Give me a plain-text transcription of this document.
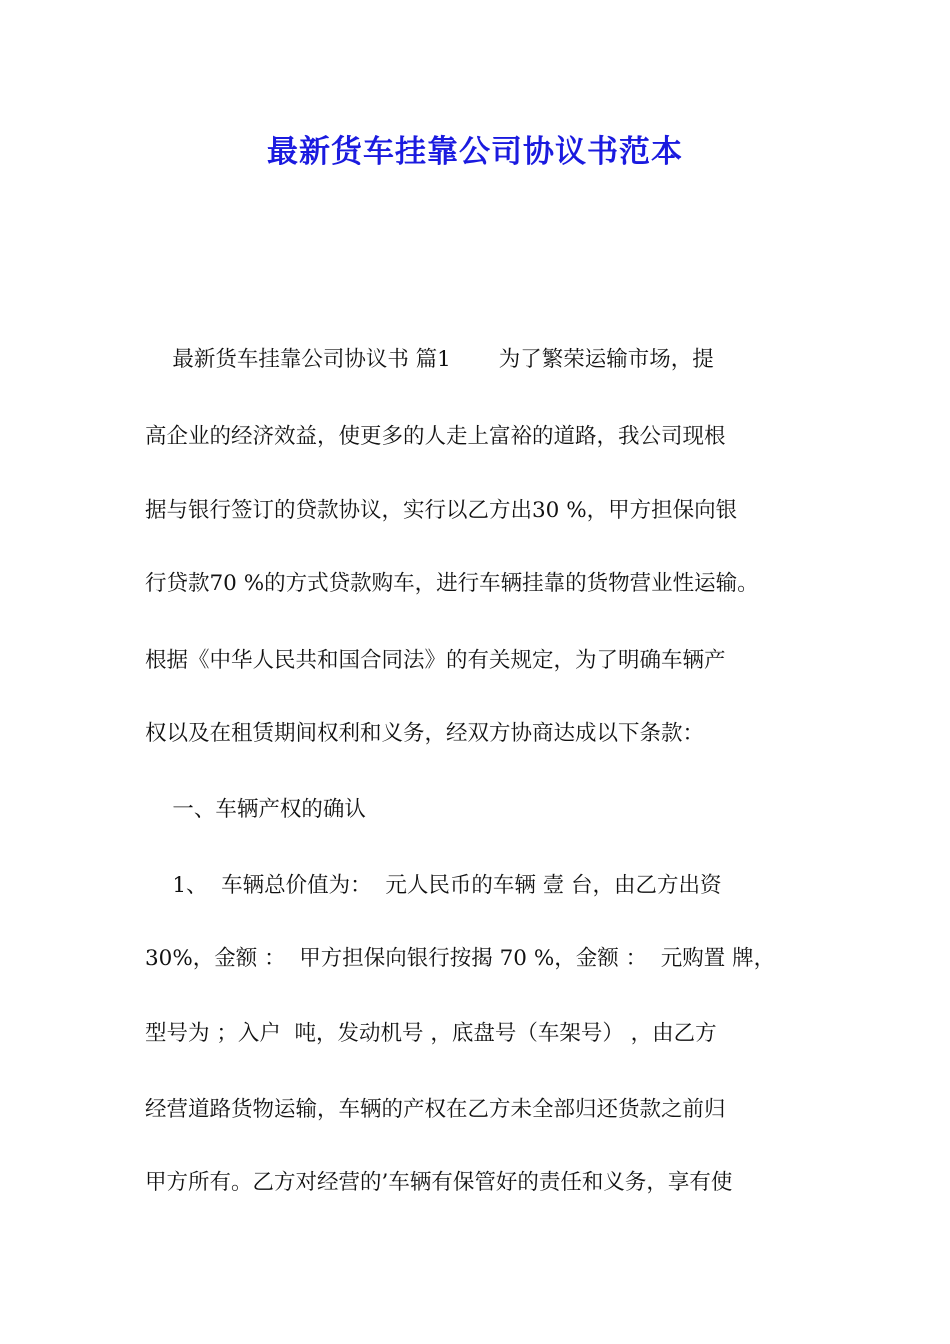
最新货车挂靠公司协议书范本

最新货车挂靠公司协议书 篇1       为了繁荣运输市场，提

高企业的经济效益，使更多的人走上富裕的道路，我公司现根

据与银行签订的贷款协议，实行以乙方出30 %，甲方担保向银

行贷款70 %的方式贷款购车，进行车辆挂靠的货物营业性运输。

根据《中华人民共和国合同法》的有关规定，为了明确车辆产

权以及在租赁期间权利和义务，经双方协商达成以下条款：

一、车辆产权的确认

1、  车辆总价值为：  元人民币的车辆 壹 台，由乙方出资

30%，金额 ：  甲方担保向银行按揭 70 %，金额 ：  元购置 牌，

型号为 ；入户  吨，发动机号 ，底盘号（车架号） ，由乙方

经营道路货物运输，车辆的产权在乙方未全部归还货款之前归

甲方所有。乙方对经营的’车辆有保管好的责任和义务，享有使
